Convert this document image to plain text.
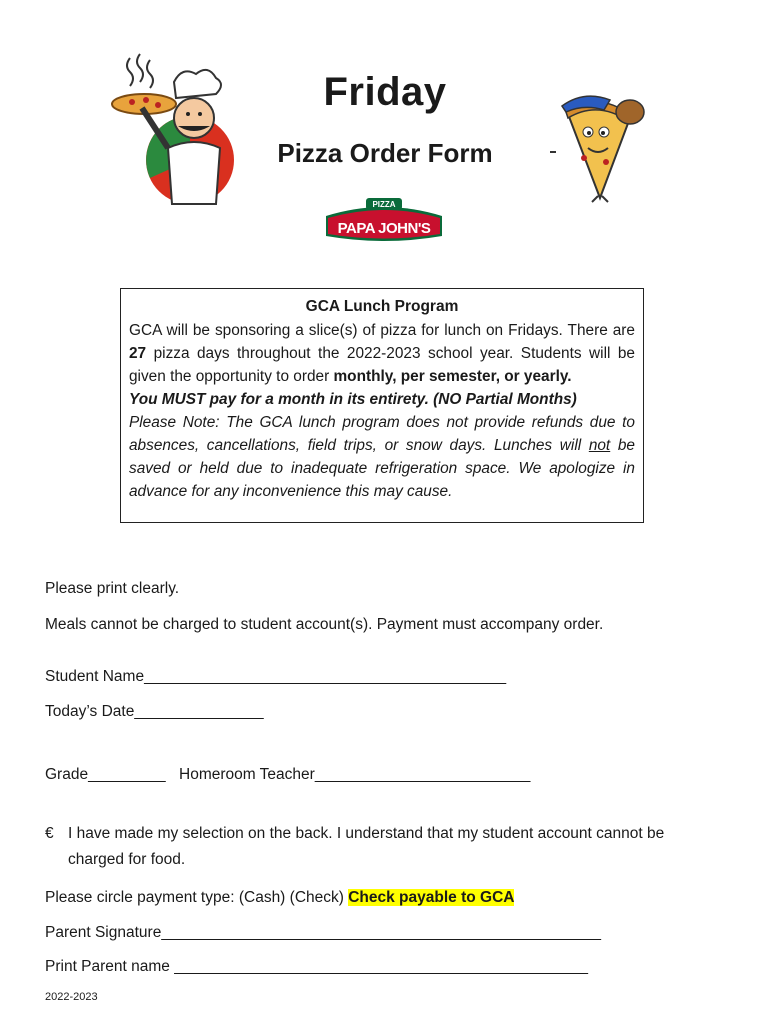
Friday
Pizza Order Form
PIZZA
PAPA JOHN'S
GCA Lunch Program

GCA will be sponsoring a slice(s) of pizza for lunch on Fridays. There are 27 pizza days throughout the 2022-2023 school year. Students will be given the opportunity to order monthly, per semester, or yearly.

You MUST pay for a month in its entirety. (NO Partial Months)

Please Note: The GCA lunch program does not provide refunds due to absences, cancellations, field trips, or snow days. Lunches will not be saved or held due to inadequate refrigeration space. We apologize in advance for any inconvenience this may cause.

Please print clearly.
Meals cannot be charged to student account(s). Payment must accompany order.
Student Name__________________________________________
Today’s Date_______________
Grade_________ Homeroom Teacher_________________________
€ I have made my selection on the back. I understand that my student account cannot be
charged for food.
Please circle payment type: (Cash) (Check) Check payable to GCA
Parent Signature___________________________________________________
Print Parent name ________________________________________________
2022-2023
